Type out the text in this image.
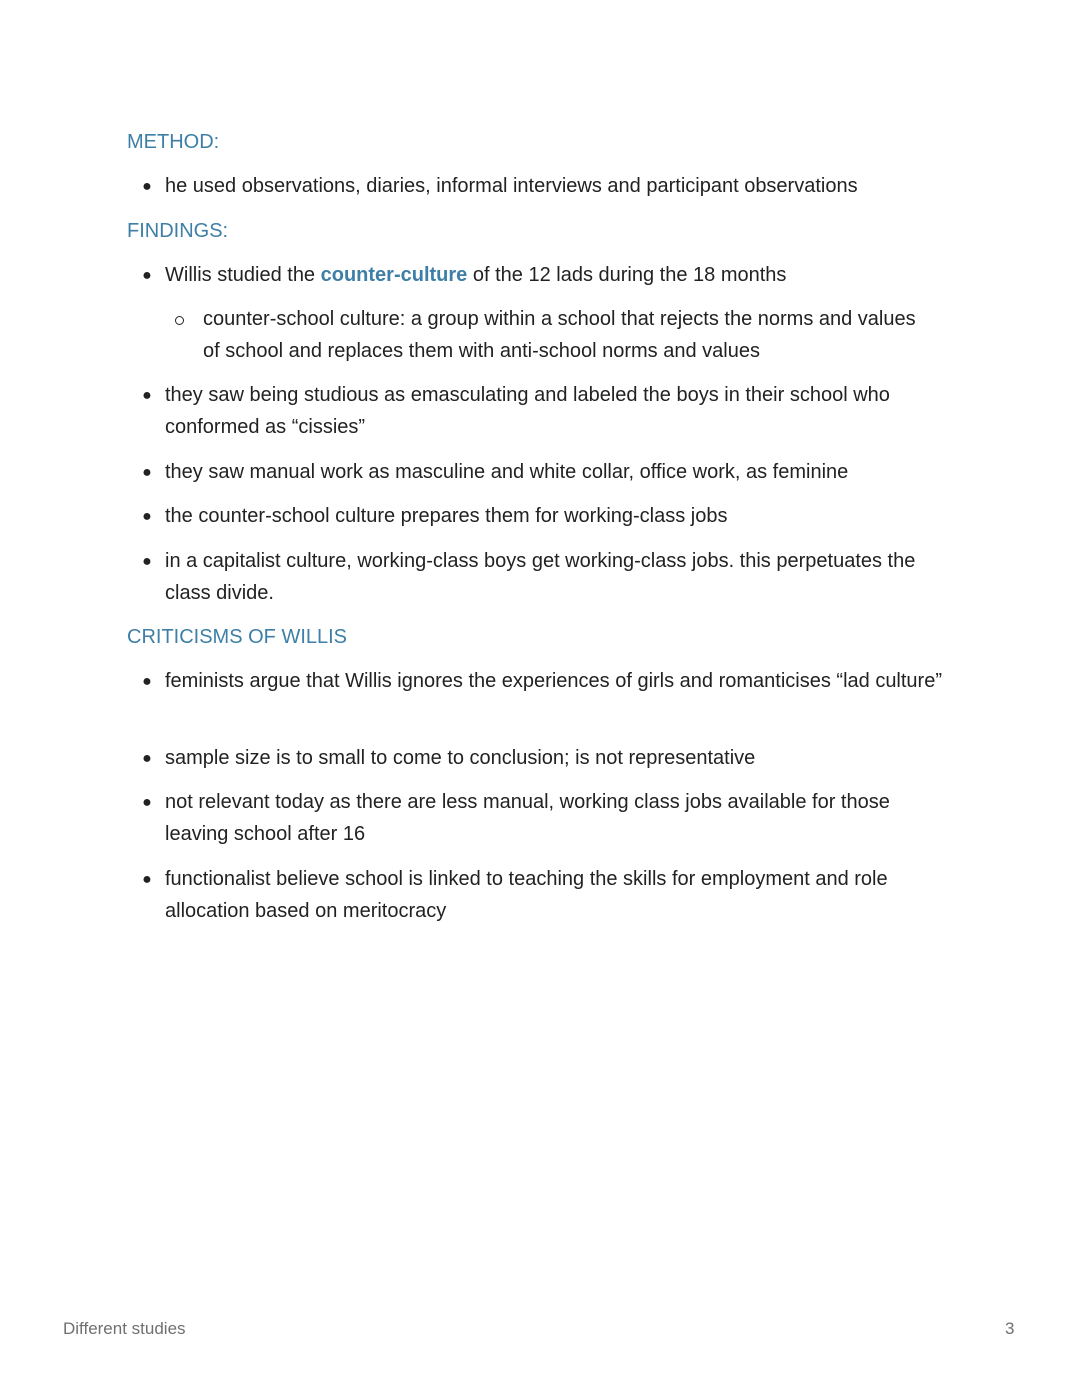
METHOD:
● he used observations, diaries, informal interviews and participant observations
FINDINGS:
● Willis studied the counter-culture of the 12 lads during the 18 months
counter-school culture: a group within a school that rejects the norms and values of school and replaces them with anti-school norms and values
● they saw being studious as emasculating and labeled the boys in their school who conformed as “cissies”
● they saw manual work as masculine and white collar, office work, as feminine
● the counter-school culture prepares them for working-class jobs
● in a capitalist culture, working-class boys get working-class jobs. this perpetuates the class divide.
CRITICISMS OF WILLIS
● feminists argue that Willis ignores the experiences of girls and romanticises “lad culture”
● sample size is to small to come to conclusion; is not representative
● not relevant today as there are less manual, working class jobs available for those leaving school after 16
● functionalist believe school is linked to teaching the skills for employment and role allocation based on meritocracy
Different studies	3
